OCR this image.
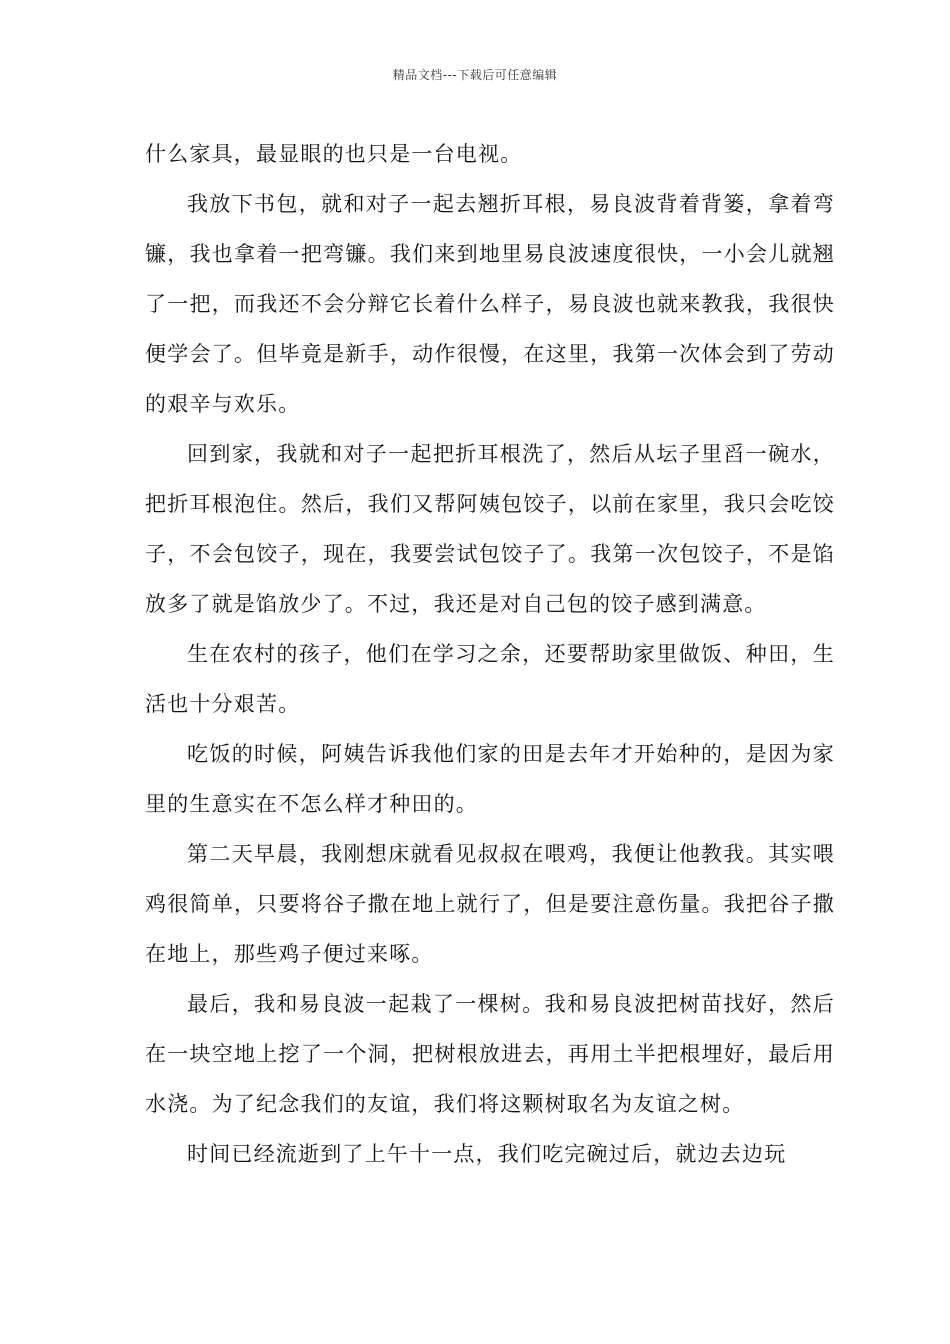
精品文档---下载后可任意编辑

什么家具，最显眼的也只是一台电视。

我放下书包，就和对子一起去翘折耳根，易良波背着背篓，拿着弯镰，我也拿着一把弯镰。我们来到地里易良波速度很快，一小会儿就翘了一把，而我还不会分辩它长着什么样子，易良波也就来教我，我很快便学会了。但毕竟是新手，动作很慢，在这里，我第一次体会到了劳动的艰辛与欢乐。

回到家，我就和对子一起把折耳根洗了，然后从坛子里舀一碗水，把折耳根泡住。然后，我们又帮阿姨包饺子，以前在家里，我只会吃饺子，不会包饺子，现在，我要尝试包饺子了。我第一次包饺子，不是馅放多了就是馅放少了。不过，我还是对自己包的饺子感到满意。

生在农村的孩子，他们在学习之余，还要帮助家里做饭、种田，生活也十分艰苦。

吃饭的时候，阿姨告诉我他们家的田是去年才开始种的，是因为家里的生意实在不怎么样才种田的。

第二天早晨，我刚想床就看见叔叔在喂鸡，我便让他教我。其实喂鸡很简单，只要将谷子撒在地上就行了，但是要注意伤量。我把谷子撒在地上，那些鸡子便过来啄。

最后，我和易良波一起栽了一棵树。我和易良波把树苗找好，然后在一块空地上挖了一个洞，把树根放进去，再用土半把根埋好，最后用水浇。为了纪念我们的友谊，我们将这颗树取名为友谊之树。

时间已经流逝到了上午十一点，我们吃完碗过后，就边去边玩
